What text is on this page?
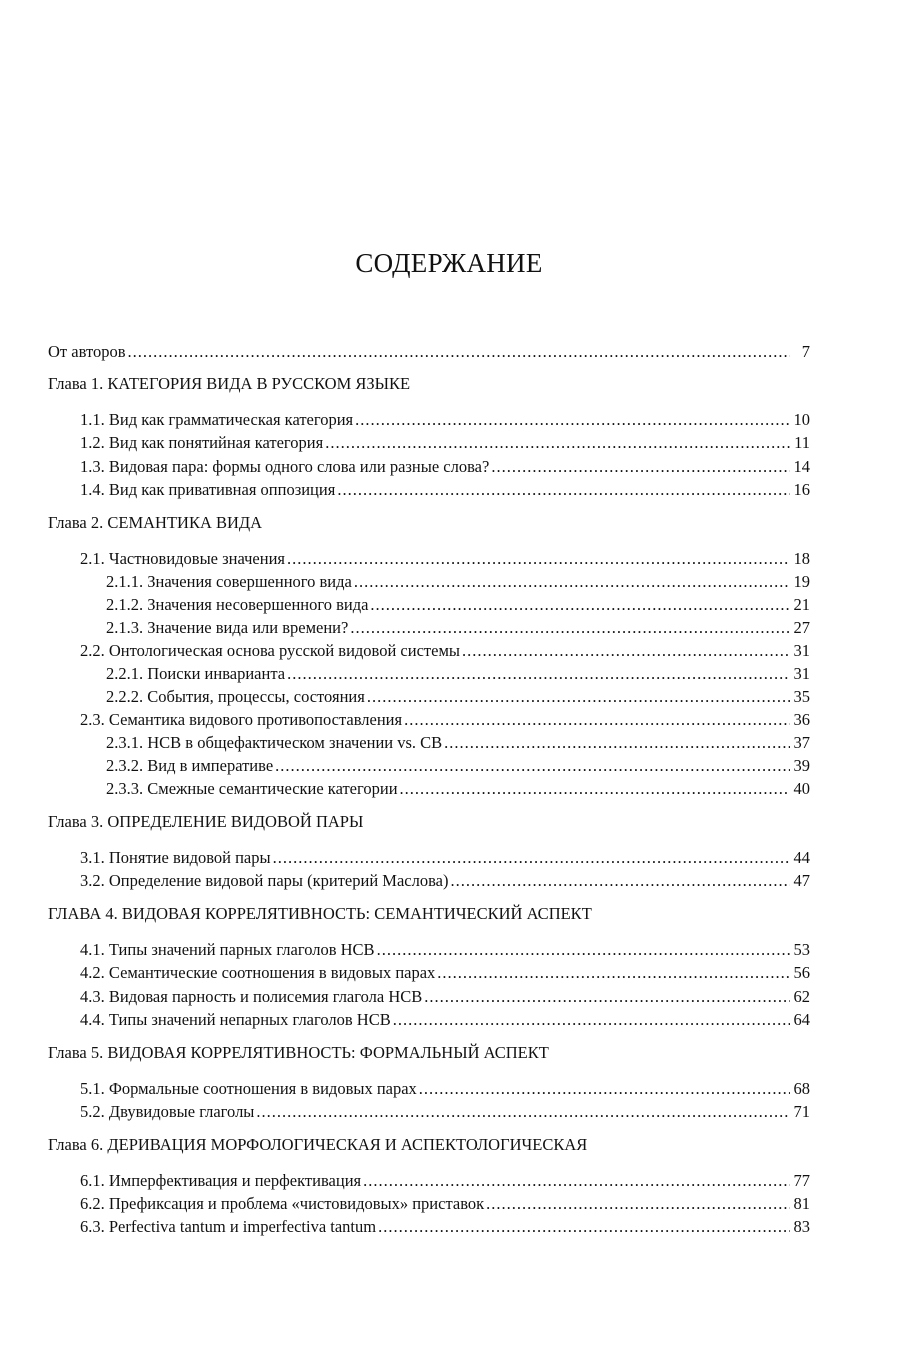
СОДЕРЖАНИЕ
От авторов .....	7
Глава 1. КАТЕГОРИЯ ВИДА В РУССКОМ ЯЗЫКЕ
1.1. Вид как грамматическая категория .....	10
1.2. Вид как понятийная категория .....	11
1.3. Видовая пара: формы одного слова или разные слова? .....	14
1.4. Вид как привативная оппозиция .....	16
Глава 2. СЕМАНТИКА ВИДА
2.1. Частновидовые значения .....	18
2.1.1. Значения совершенного вида .....	19
2.1.2. Значения несовершенного вида .....	21
2.1.3. Значение вида или времени? .....	27
2.2. Онтологическая основа русской видовой системы .....	31
2.2.1. Поиски инварианта .....	31
2.2.2. События, процессы, состояния .....	35
2.3. Семантика видового противопоставления .....	36
2.3.1. НСВ в общефактическом значении vs. СВ .....	37
2.3.2. Вид в императиве .....	39
2.3.3. Смежные семантические категории .....	40
Глава 3. ОПРЕДЕЛЕНИЕ ВИДОВОЙ ПАРЫ
3.1. Понятие видовой пары .....	44
3.2. Определение видовой пары (критерий Маслова) .....	47
ГЛАВА 4. ВИДОВАЯ КОРРЕЛЯТИВНОСТЬ: СЕМАНТИЧЕСКИЙ АСПЕКТ
4.1. Типы значений парных глаголов НСВ .....	53
4.2. Семантические соотношения в видовых парах .....	56
4.3. Видовая парность и полисемия глагола НСВ .....	62
4.4. Типы значений непарных глаголов НСВ .....	64
Глава 5. ВИДОВАЯ КОРРЕЛЯТИВНОСТЬ: ФОРМАЛЬНЫЙ АСПЕКТ
5.1. Формальные соотношения в видовых парах .....	68
5.2. Двувидовые глаголы .....	71
Глава 6. ДЕРИВАЦИЯ МОРФОЛОГИЧЕСКАЯ И АСПЕКТОЛОГИЧЕСКАЯ
6.1. Имперфективация и перфективация .....	77
6.2. Префиксация и проблема «чистовидовых» приставок .....	81
6.3. Perfectiva tantum и imperfectiva tantum .....	83
